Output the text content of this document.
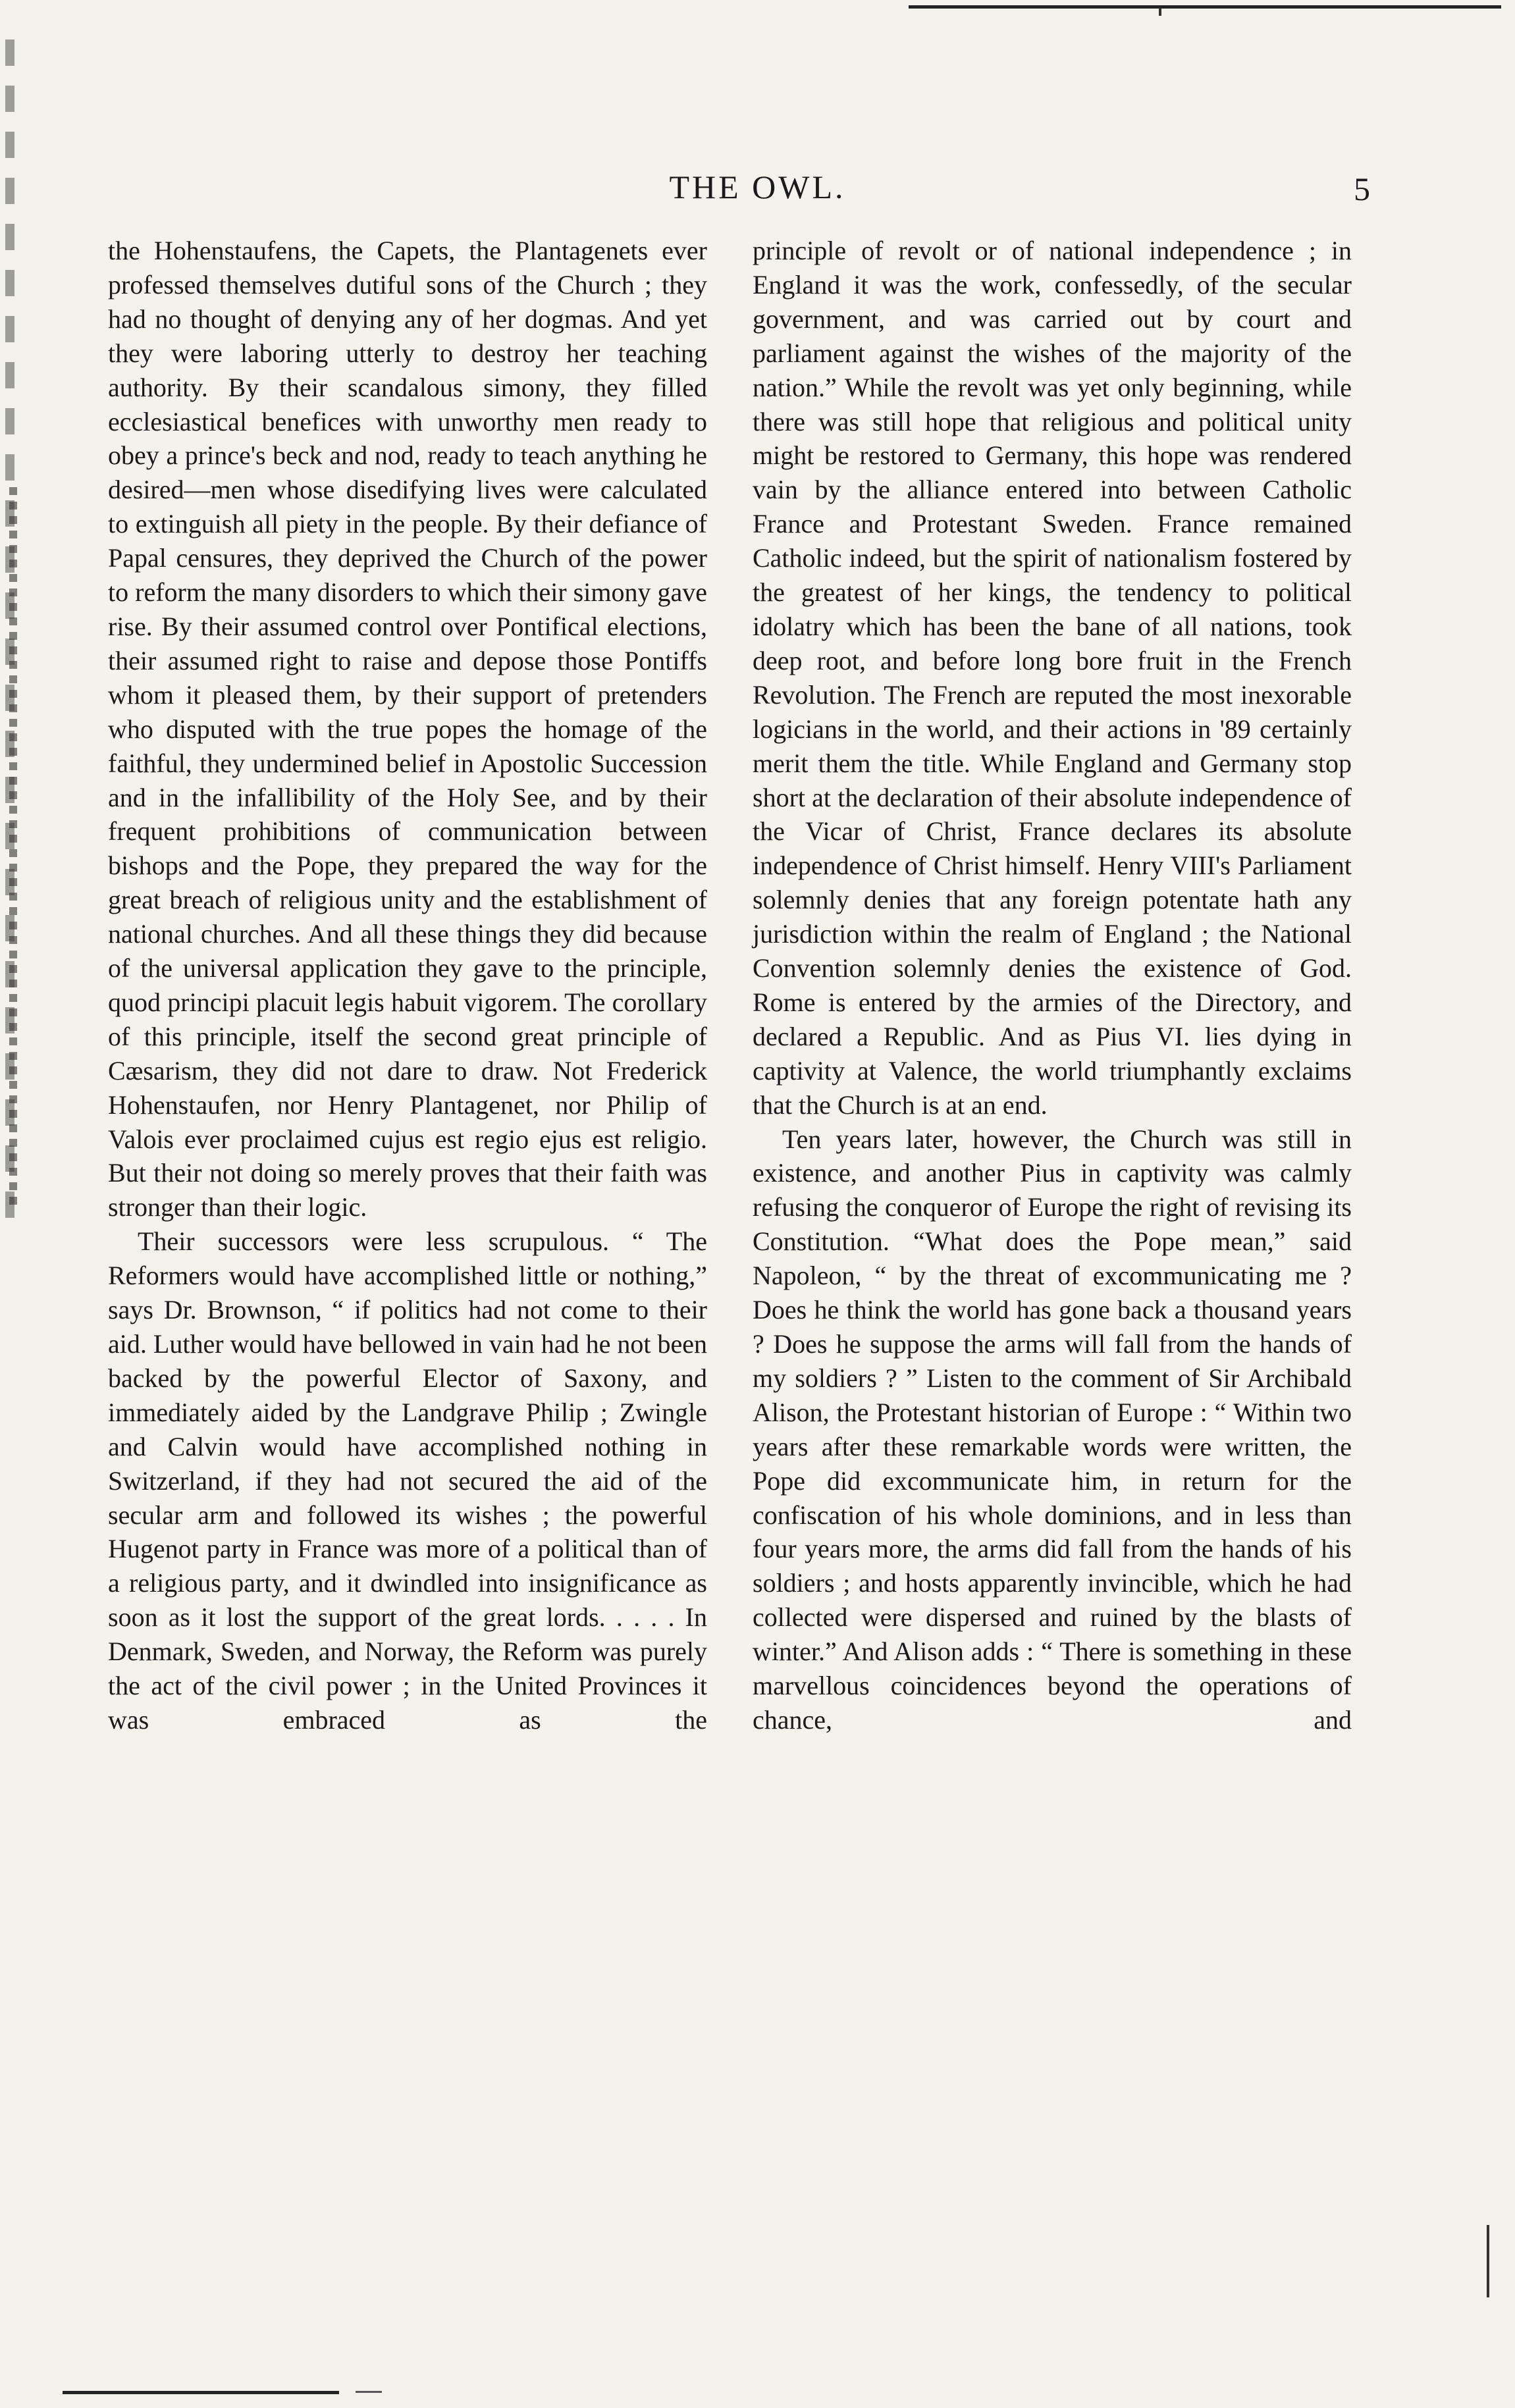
THE OWL.	5

the Hohenstaufens, the Capets, the Plantagenets ever professed themselves dutiful sons of the Church ; they had no thought of denying any of her dogmas. And yet they were laboring utterly to destroy her teaching authority. By their scandalous simony, they filled ecclesiastical benefices with unworthy men ready to obey a prince's beck and nod, ready to teach anything he desired—men whose disedifying lives were calculated to extinguish all piety in the people. By their defiance of Papal censures, they deprived the Church of the power to reform the many disorders to which their simony gave rise. By their assumed control over Pontifical elections, their assumed right to raise and depose those Pontiffs whom it pleased them, by their support of pretenders who disputed with the true popes the homage of the faithful, they undermined belief in Apostolic Succession and in the infallibility of the Holy See, and by their frequent prohibitions of communication between bishops and the Pope, they prepared the way for the great breach of religious unity and the establishment of national churches. And all these things they did because of the universal application they gave to the principle, quod principi placuit legis habuit vigorem. The corollary of this principle, itself the second great principle of Cæsarism, they did not dare to draw. Not Frederick Hohenstaufen, nor Henry Plantagenet, nor Philip of Valois ever proclaimed cujus est regio ejus est religio. But their not doing so merely proves that their faith was stronger than their logic.

Their successors were less scrupulous. “ The Reformers would have accomplished little or nothing,” says Dr. Brownson, “ if politics had not come to their aid. Luther would have bellowed in vain had he not been backed by the powerful Elector of Saxony, and immediately aided by the Landgrave Philip ; Zwingle and Calvin would have accomplished nothing in Switzerland, if they had not secured the aid of the secular arm and followed its wishes ; the powerful Hugenot party in France was more of a political than of a religious party, and it dwindled into insignificance as soon as it lost the support of the great lords. . . . . In Denmark, Sweden, and Norway, the Reform was purely the act of the civil power ; in the United Provinces it was embraced as the

principle of revolt or of national independence ; in England it was the work, confessedly, of the secular government, and was carried out by court and parliament against the wishes of the majority of the nation.” While the revolt was yet only beginning, while there was still hope that religious and political unity might be restored to Germany, this hope was rendered vain by the alliance entered into between Catholic France and Protestant Sweden. France remained Catholic indeed, but the spirit of nationalism fostered by the greatest of her kings, the tendency to political idolatry which has been the bane of all nations, took deep root, and before long bore fruit in the French Revolution. The French are reputed the most inexorable logicians in the world, and their actions in '89 certainly merit them the title. While England and Germany stop short at the declaration of their absolute independence of the Vicar of Christ, France declares its absolute independence of Christ himself. Henry VIII's Parliament solemnly denies that any foreign potentate hath any jurisdiction within the realm of England ; the National Convention solemnly denies the existence of God. Rome is entered by the armies of the Directory, and declared a Republic. And as Pius VI. lies dying in captivity at Valence, the world triumphantly exclaims that the Church is at an end.

Ten years later, however, the Church was still in existence, and another Pius in captivity was calmly refusing the conqueror of Europe the right of revising its Constitution. “What does the Pope mean,” said Napoleon, “ by the threat of excommunicating me ? Does he think the world has gone back a thousand years ? Does he suppose the arms will fall from the hands of my soldiers ? ” Listen to the comment of Sir Archibald Alison, the Protestant historian of Europe : “ Within two years after these remarkable words were written, the Pope did excommunicate him, in return for the confiscation of his whole dominions, and in less than four years more, the arms did fall from the hands of his soldiers ; and hosts apparently invincible, which he had collected were dispersed and ruined by the blasts of winter.” And Alison adds : “ There is something in these marvellous coincidences beyond the operations of chance, and
